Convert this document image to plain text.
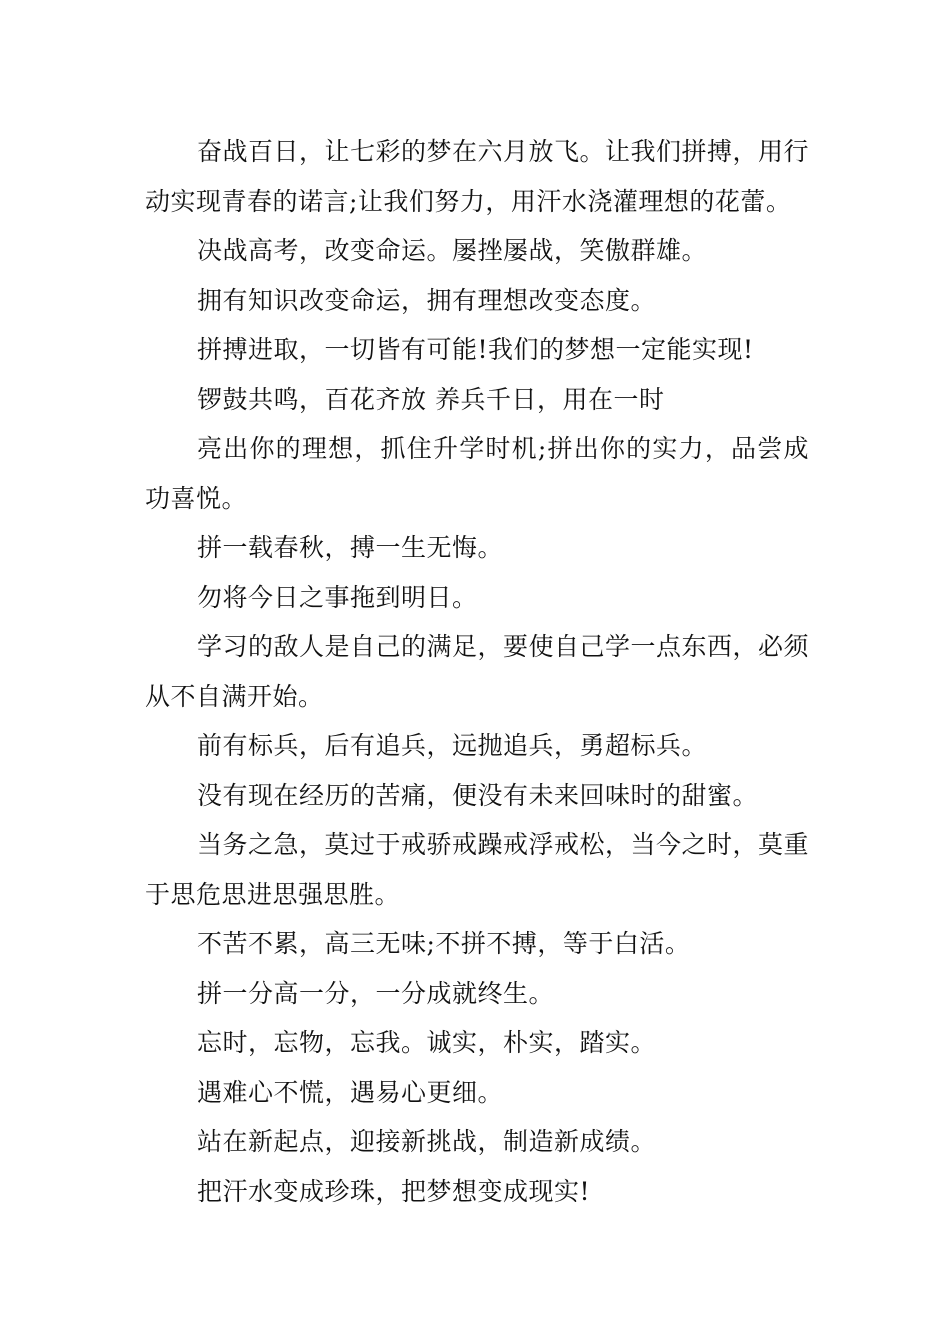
奋战百日，让七彩的梦在六月放飞。让我们拼搏，用行动实现青春的诺言;让我们努力，用汗水浇灌理想的花蕾。

决战高考，改变命运。屡挫屡战，笑傲群雄。

拥有知识改变命运，拥有理想改变态度。

拼搏进取，一切皆有可能!我们的梦想一定能实现!

锣鼓共鸣，百花齐放 养兵千日，用在一时

亮出你的理想，抓住升学时机;拼出你的实力，品尝成功喜悦。

拼一载春秋，搏一生无悔。

勿将今日之事拖到明日。

学习的敌人是自己的满足，要使自己学一点东西，必须从不自满开始。

前有标兵，后有追兵，远抛追兵，勇超标兵。

没有现在经历的苦痛，便没有未来回味时的甜蜜。

当务之急，莫过于戒骄戒躁戒浮戒松，当今之时，莫重于思危思进思强思胜。

不苦不累，高三无味;不拼不搏，等于白活。

拼一分高一分，一分成就终生。

忘时，忘物，忘我。诚实，朴实，踏实。

遇难心不慌，遇易心更细。

站在新起点，迎接新挑战，制造新成绩。

把汗水变成珍珠，把梦想变成现实!
